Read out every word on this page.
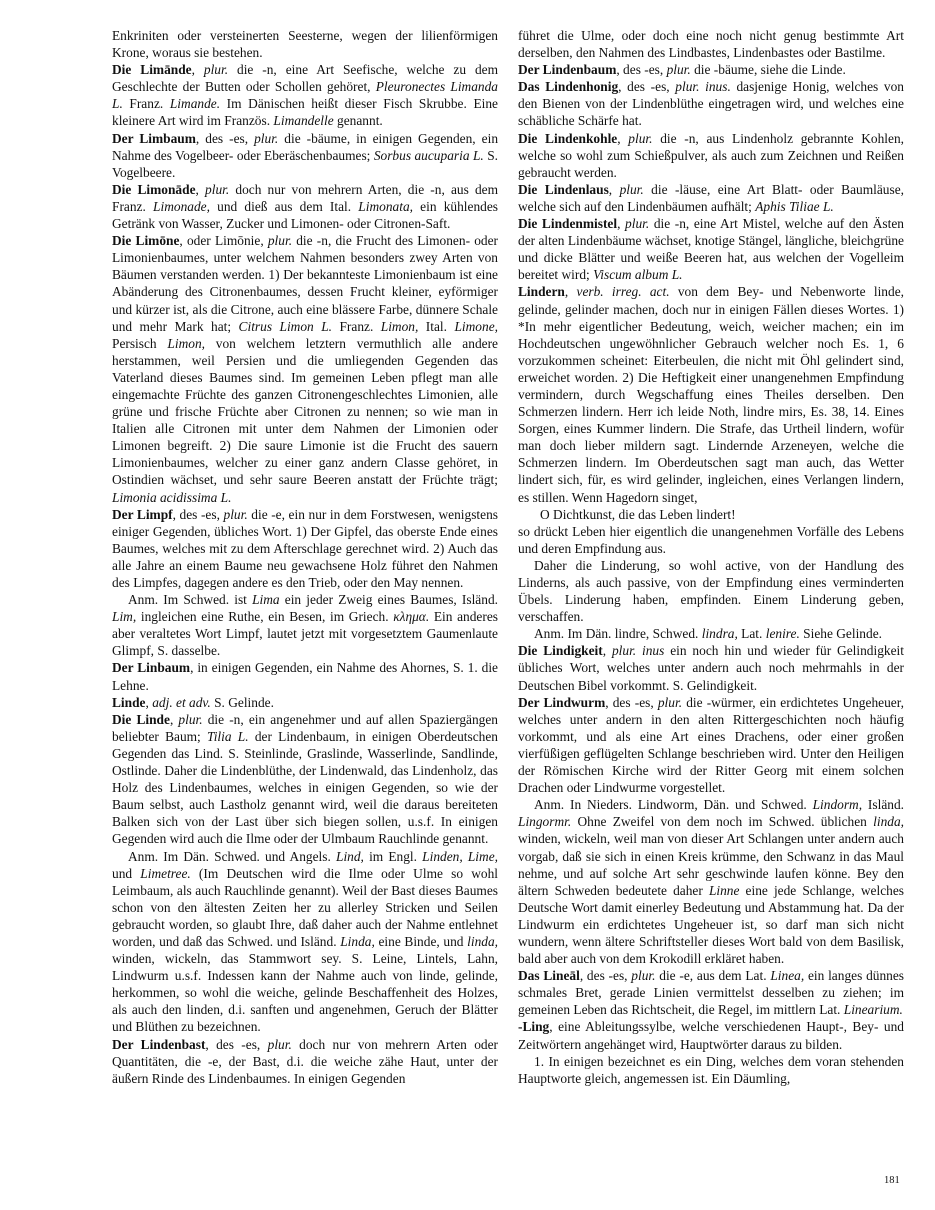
Enkriniten oder versteinerten Seesterne, wegen der lilienförmigen Krone, woraus sie bestehen.

Die Limānde, plur. die -n, eine Art Seefische, welche zu dem Geschlechte der Butten oder Schollen gehöret, Pleuronectes Limanda L. Franz. Limande. Im Dänischen heißt dieser Fisch Skrubbe. Eine kleinere Art wird im Französ. Limandelle genannt.

Der Limbaum, des -es, plur. die -bäume, in einigen Gegenden, ein Nahme des Vogelbeer- oder Eberäschenbaumes; Sorbus aucuparia L. S. Vogelbeere.

Die Limonāde, plur. doch nur von mehrern Arten, die -n, aus dem Franz. Limonade, und dieß aus dem Ital. Limonata, ein kühlendes Getränk von Wasser, Zucker und Limonen- oder Citronen-Saft.

Die Limōne, oder Limōnie, plur. die -n, die Frucht des Limonen- oder Limonienbaumes, unter welchem Nahmen besonders zwey Arten von Bäumen verstanden werden. 1) Der bekannteste Limonienbaum ist eine Abänderung des Citronenbaumes, dessen Frucht kleiner, eyförmiger und kürzer ist, als die Citrone, auch eine blässere Farbe, dünnere Schale und mehr Mark hat; Citrus Limon L. Franz. Limon, Ital. Limone, Persisch Limon, von welchem letztern vermuthlich alle andere herstammen, weil Persien und die umliegenden Gegenden das Vaterland dieses Baumes sind. Im gemeinen Leben pflegt man alle eingemachte Früchte des ganzen Citronengeschlechtes Limonien, alle grüne und frische Früchte aber Citronen zu nennen; so wie man in Italien alle Citronen mit unter dem Nahmen der Limonien oder Limonen begreift. 2) Die saure Limonie ist die Frucht des sauern Limonienbaumes, welcher zu einer ganz andern Classe gehöret, in Ostindien wächset, und sehr saure Beeren anstatt der Früchte trägt; Limonia acidissima L.

Der Limpf, des -es, plur. die -e, ein nur in dem Forstwesen, wenigstens einiger Gegenden, übliches Wort. 1) Der Gipfel, das oberste Ende eines Baumes, welches mit zu dem Afterschlage gerechnet wird. 2) Auch das alle Jahre an einem Baume neu gewachsene Holz führet den Nahmen des Limpfes, dagegen andere es den Trieb, oder den May nennen.

Anm. Im Schwed. ist Lima ein jeder Zweig eines Baumes, Isländ. Lim, ingleichen eine Ruthe, ein Besen, im Griech. κλημα. Ein anderes aber veraltetes Wort Limpf, lautet jetzt mit vorgesetztem Gaumenlaute Glimpf, S. dasselbe.

Der Linbaum, in einigen Gegenden, ein Nahme des Ahornes, S. 1. die Lehne.

Linde, adj. et adv. S. Gelinde.

Die Linde, plur. die -n, ein angenehmer und auf allen Spaziergängen beliebter Baum; Tilia L. der Lindenbaum, in einigen Oberdeutschen Gegenden das Lind. S. Steinlinde, Graslinde, Wasserlinde, Sandlinde, Ostlinde. Daher die Lindenblüthe, der Lindenwald, das Lindenholz, das Holz des Lindenbaumes, welches in einigen Gegenden, so wie der Baum selbst, auch Lastholz genannt wird, weil die daraus bereiteten Balken sich von der Last über sich biegen sollen, u.s.f. In einigen Gegenden wird auch die Ilme oder der Ulmbaum Rauchlinde genannt.

Anm. Im Dän. Schwed. und Angels. Lind, im Engl. Linden, Lime, und Limetree. (Im Deutschen wird die Ilme oder Ulme so wohl Leimbaum, als auch Rauchlinde genannt). Weil der Bast dieses Baumes schon von den ältesten Zeiten her zu allerley Stricken und Seilen gebraucht worden, so glaubt Ihre, daß daher auch der Nahme entlehnet worden, und daß das Schwed. und Isländ. Linda, eine Binde, und linda, winden, wickeln, das Stammwort sey. S. Leine, Lintels, Lahn, Lindwurm u.s.f. Indessen kann der Nahme auch von linde, gelinde, herkommen, so wohl die weiche, gelinde Beschaffenheit des Holzes, als auch den linden, d.i. sanften und angenehmen, Geruch der Blätter und Blüthen zu bezeichnen.

Der Lindenbast, des -es, plur. doch nur von mehrern Arten oder Quantitäten, die -e, der Bast, d.i. die weiche zähe Haut, unter der äußern Rinde des Lindenbaumes. In einigen Gegenden

führet die Ulme, oder doch eine noch nicht genug bestimmte Art derselben, den Nahmen des Lindbastes, Lindenbastes oder Bastilme.

Der Lindenbaum, des -es, plur. die -bäume, siehe die Linde.

Das Lindenhonig, des -es, plur. inus. dasjenige Honig, welches von den Bienen von der Lindenblüthe eingetragen wird, und welches eine schäbliche Schärfe hat.

Die Lindenkohle, plur. die -n, aus Lindenholz gebrannte Kohlen, welche so wohl zum Schießpulver, als auch zum Zeichnen und Reißen gebraucht werden.

Die Lindenlaus, plur. die -läuse, eine Art Blatt- oder Baumläuse, welche sich auf den Lindenbäumen aufhält; Aphis Tiliae L.

Die Lindenmistel, plur. die -n, eine Art Mistel, welche auf den Ästen der alten Lindenbäume wächset, knotige Stängel, längliche, bleichgrüne und dicke Blätter und weiße Beeren hat, aus welchen der Vogelleim bereitet wird; Viscum album L.

Lindern, verb. irreg. act. von dem Bey- und Nebenworte linde, gelinde, gelinder machen, doch nur in einigen Fällen dieses Wortes. 1) *In mehr eigentlicher Bedeutung, weich, weicher machen; ein im Hochdeutschen ungewöhnlicher Gebrauch welcher noch Es. 1, 6 vorzukommen scheinet: Eiterbeulen, die nicht mit Öhl gelindert sind, erweichet worden. 2) Die Heftigkeit einer unangenehmen Empfindung vermindern, durch Wegschaffung eines Theiles derselben. Den Schmerzen lindern. Herr ich leide Noth, lindre mirs, Es. 38, 14. Eines Sorgen, eines Kummer lindern. Die Strafe, das Urtheil lindern, wofür man doch lieber mildern sagt. Lindernde Arzeneyen, welche die Schmerzen lindern. Im Oberdeutschen sagt man auch, das Wetter lindert sich, für, es wird gelinder, ingleichen, eines Verlangen lindern, es stillen. Wenn Hagedorn singet,

O Dichtkunst, die das Leben lindert!

so drückt Leben hier eigentlich die unangenehmen Vorfälle des Lebens und deren Empfindung aus.

Daher die Linderung, so wohl active, von der Handlung des Linderns, als auch passive, von der Empfindung eines verminderten Übels. Linderung haben, empfinden. Einem Linderung geben, verschaffen.

Anm. Im Dän. lindre, Schwed. lindra, Lat. lenire. Siehe Gelinde.

Die Lindigkeit, plur. inus ein noch hin und wieder für Gelindigkeit übliches Wort, welches unter andern auch noch mehrmahls in der Deutschen Bibel vorkommt. S. Gelindigkeit.

Der Lindwurm, des -es, plur. die -würmer, ein erdichtetes Ungeheuer, welches unter andern in den alten Rittergeschichten noch häufig vorkommt, und als eine Art eines Drachens, oder einer großen vierfüßigen geflügelten Schlange beschrieben wird. Unter den Heiligen der Römischen Kirche wird der Ritter Georg mit einem solchen Drachen oder Lindwurme vorgestellet.

Anm. In Nieders. Lindworm, Dän. und Schwed. Lindorm, Isländ. Lingormr. Ohne Zweifel von dem noch im Schwed. üblichen linda, winden, wickeln, weil man von dieser Art Schlangen unter andern auch vorgab, daß sie sich in einen Kreis krümme, den Schwanz in das Maul nehme, und auf solche Art sehr geschwinde laufen könne. Bey den ältern Schweden bedeutete daher Linne eine jede Schlange, welches Deutsche Wort damit einerley Bedeutung und Abstammung hat. Da der Lindwurm ein erdichtetes Ungeheuer ist, so darf man sich nicht wundern, wenn ältere Schriftsteller dieses Wort bald von dem Basilisk, bald aber auch von dem Krokodill erkläret haben.

Das Lineāl, des -es, plur. die -e, aus dem Lat. Linea, ein langes dünnes schmales Bret, gerade Linien vermittelst desselben zu ziehen; im gemeinen Leben das Richtscheit, die Regel, im mittlern Lat. Linearium.

-Ling, eine Ableitungssylbe, welche verschiedenen Haupt-, Bey- und Zeitwörtern angehänget wird, Hauptwörter daraus zu bilden.

1. In einigen bezeichnet es ein Ding, welches dem voran stehenden Hauptworte gleich, angemessen ist. Ein Däumling,

181
